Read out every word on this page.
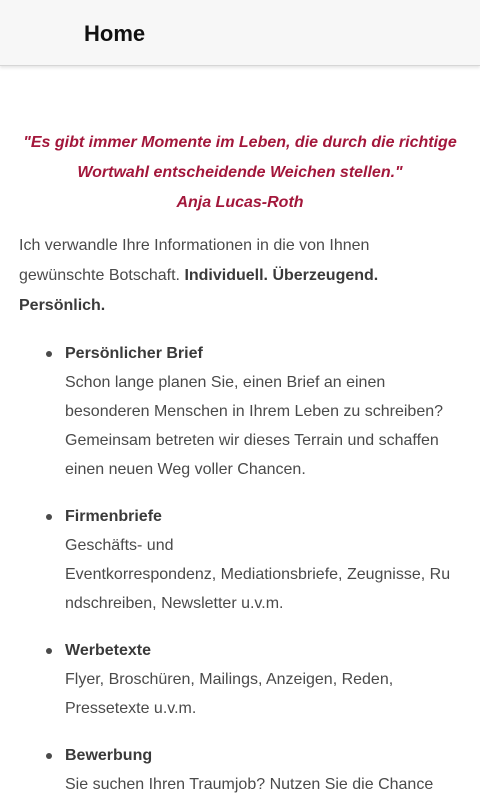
Home
"Es gibt immer Momente im Leben, die durch die richtige
Wortwahl entscheidende Weichen stellen."
Anja Lucas-Roth
Ich verwandle Ihre Informationen in die von Ihnen gewünschte Botschaft. Individuell. Überzeugend. Persönlich.
Persönlicher Brief
Schon lange planen Sie, einen Brief an einen
besonderen Menschen in Ihrem Leben zu schreiben?
Gemeinsam betreten wir dieses Terrain und schaffen
einen neuen Weg voller Chancen.
Firmenbriefe
Geschäfts- und
Eventkorrespondenz, Mediationsbriefe, Zeugnisse, Ru
ndschreiben, Newsletter u.v.m.
Werbetexte
Flyer, Broschüren, Mailings, Anzeigen, Reden,
Pressetexte u.v.m.
Bewerbung
Sie suchen Ihren Traumjob? Nutzen Sie die Chance
